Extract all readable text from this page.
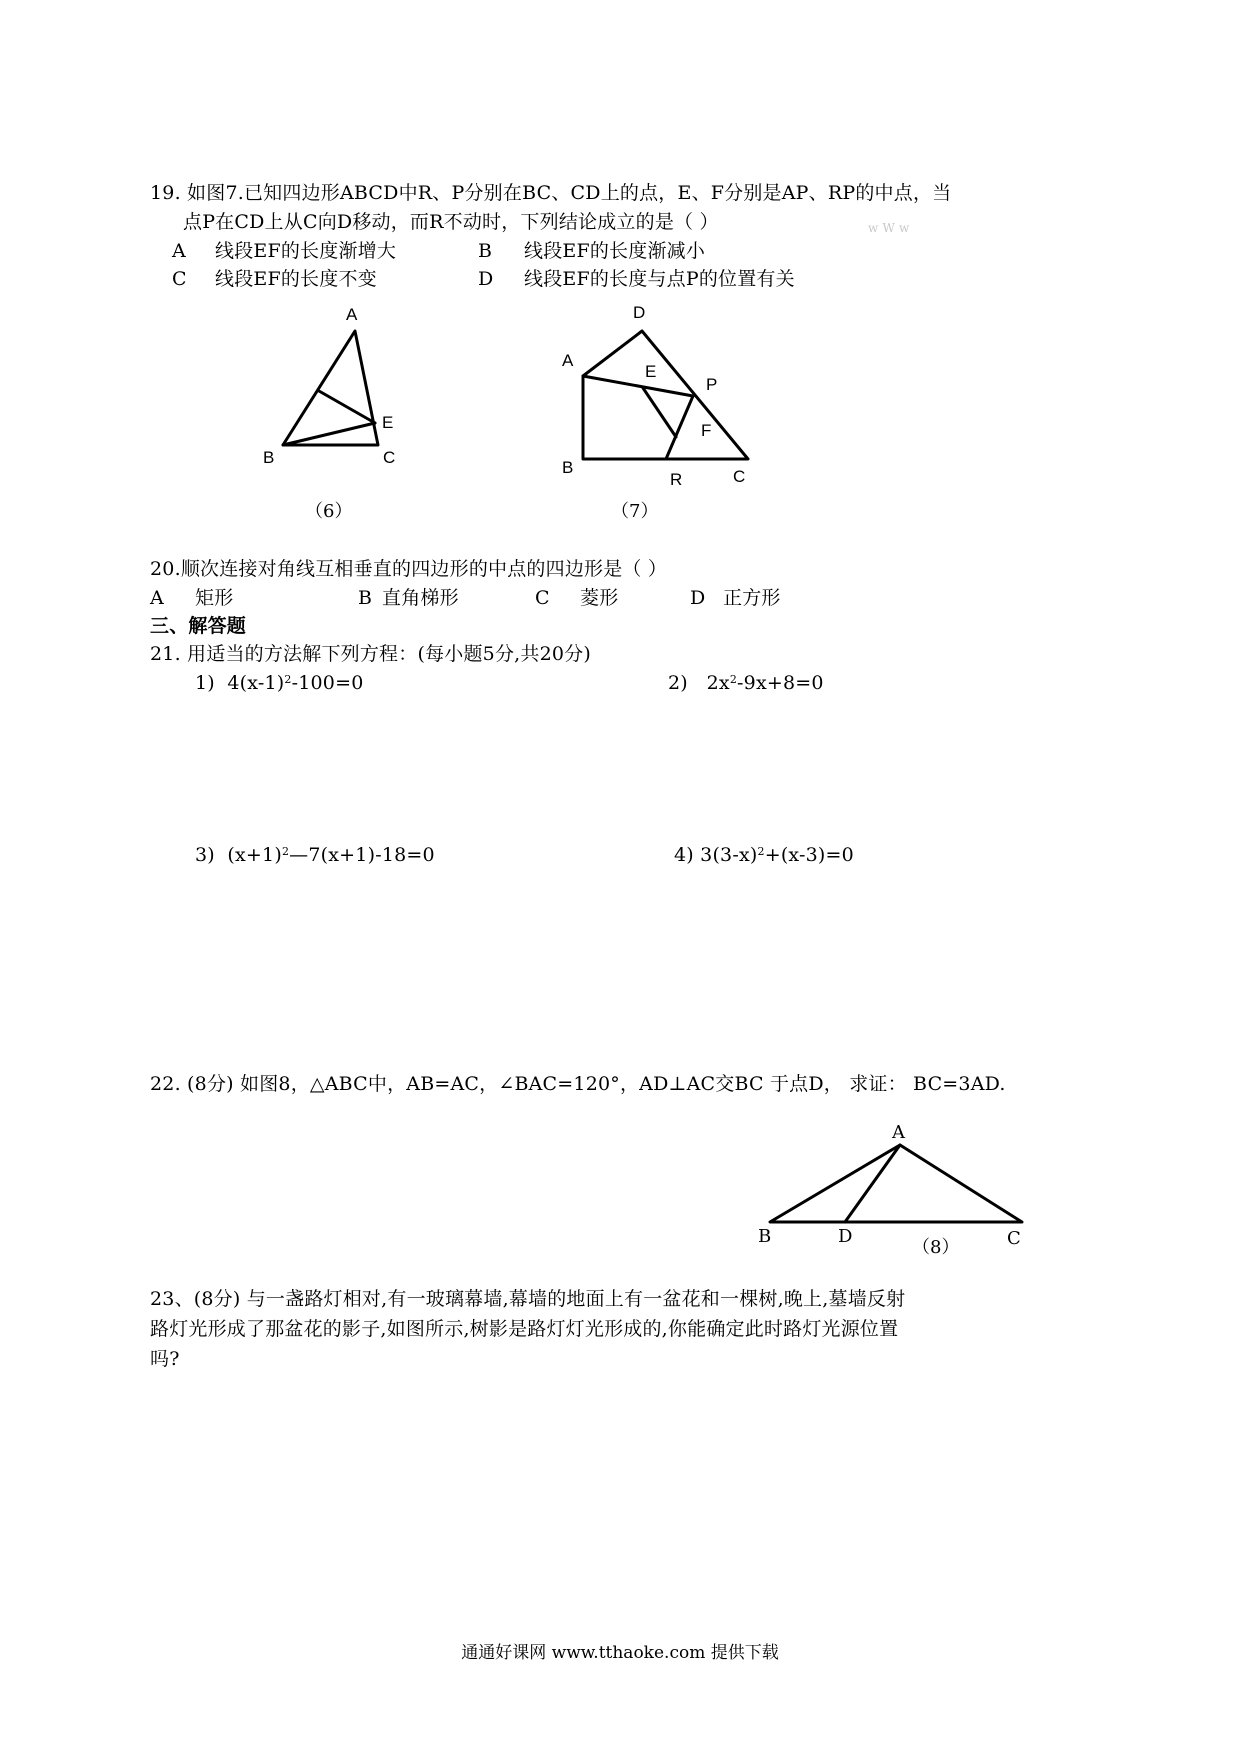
19. 如图7.已知四边形ABCD中R、P分别在BC、CD上的点，E、F分别是AP、RP的中点，当
点P在CD上从C向D移动，而R不动时，下列结论成立的是（ ）	w W w
A 线段EF的长度渐增大	B 线段EF的长度渐减小
C 线段EF的长度不变	D 线段EF的长度与点P的位置有关
A
B	C
E
（6）
D
A
E
P
F
B
R	C
（7）
20.顺次连接对角线互相垂直的四边形的中点的四边形是（ ）
A 矩形	B 直角梯形	C 菱形	D 正方形
三、解答题
21. 用适当的方法解下列方程：(每小题5分,共20分)
1) $4(x-1)^2-100=0$	2) $2x^2-9x+8=0$
3) $(x+1)^2—7(x+1)-18=0$	4) $3(3-x)^2+(x-3)=0$
22. (8分) 如图8，△ABC中，AB=AC，∠BAC=120°，AD⊥AC交BC 于点D， 求证： BC=3AD.
A
B	D
（8）	C
23、(8分) 与一盏路灯相对,有一玻璃幕墙,幕墙的地面上有一盆花和一棵树,晚上,墓墙反射
路灯光形成了那盆花的影子,如图所示,树影是路灯灯光形成的,你能确定此时路灯光源位置
吗?
通通好课网 www.tthaoke.com 提供下载
